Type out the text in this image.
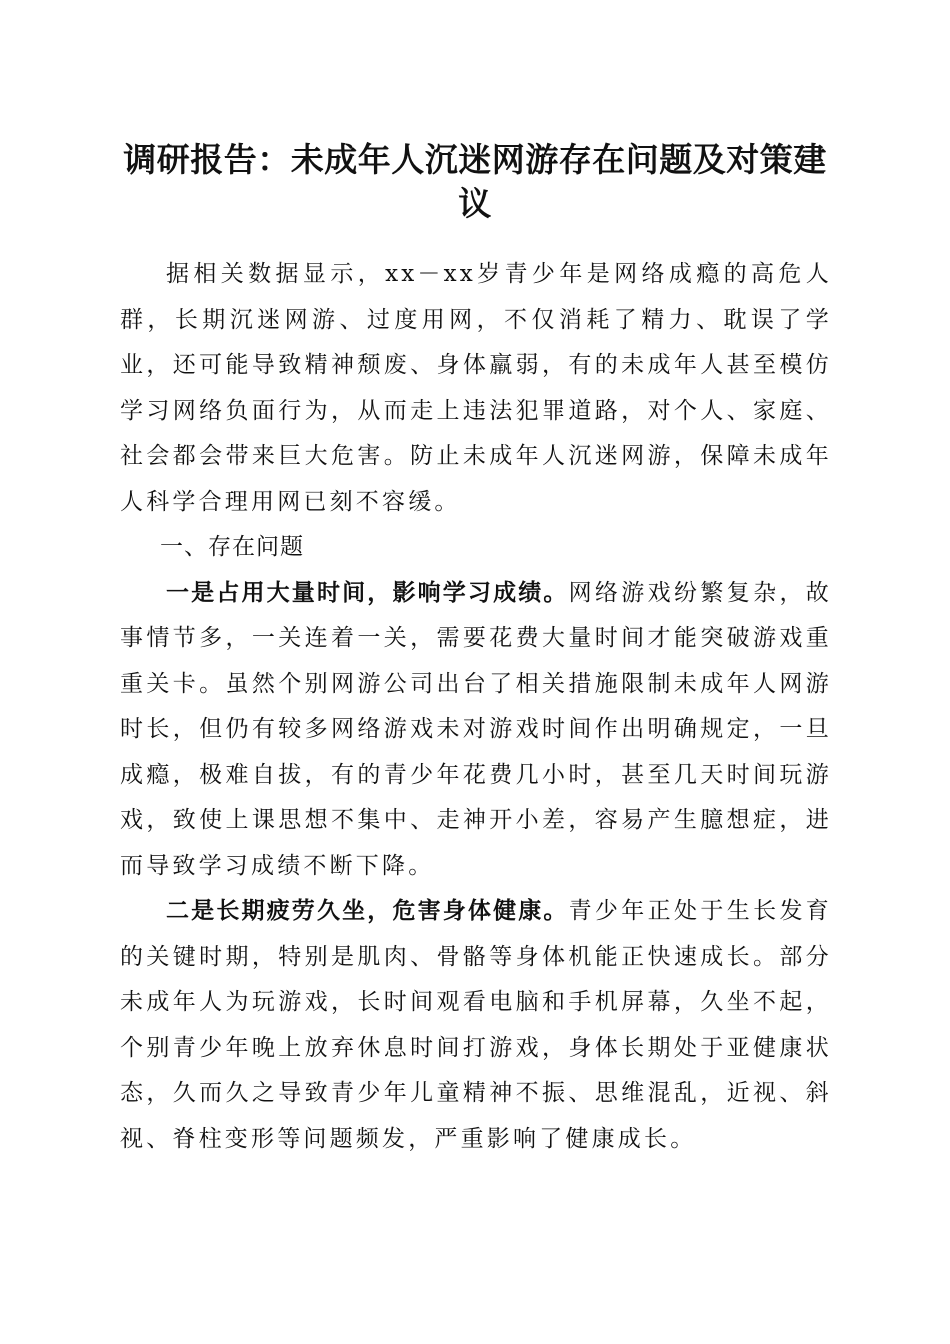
调研报告：未成年人沉迷网游存在问题及对策建议

据相关数据显示，xx－xx岁青少年是网络成瘾的高危人群，长期沉迷网游、过度用网，不仅消耗了精力、耽误了学业，还可能导致精神颓废、身体羸弱，有的未成年人甚至模仿学习网络负面行为，从而走上违法犯罪道路，对个人、家庭、社会都会带来巨大危害。防止未成年人沉迷网游，保障未成年人科学合理用网已刻不容缓。

一、存在问题

一是占用大量时间，影响学习成绩。网络游戏纷繁复杂，故事情节多，一关连着一关，需要花费大量时间才能突破游戏重重关卡。虽然个别网游公司出台了相关措施限制未成年人网游时长，但仍有较多网络游戏未对游戏时间作出明确规定，一旦成瘾，极难自拔，有的青少年花费几小时，甚至几天时间玩游戏，致使上课思想不集中、走神开小差，容易产生臆想症，进而导致学习成绩不断下降。

二是长期疲劳久坐，危害身体健康。青少年正处于生长发育的关键时期，特别是肌肉、骨骼等身体机能正快速成长。部分未成年人为玩游戏，长时间观看电脑和手机屏幕，久坐不起，个别青少年晚上放弃休息时间打游戏，身体长期处于亚健康状态，久而久之导致青少年儿童精神不振、思维混乱，近视、斜视、脊柱变形等问题频发，严重影响了健康成长。
